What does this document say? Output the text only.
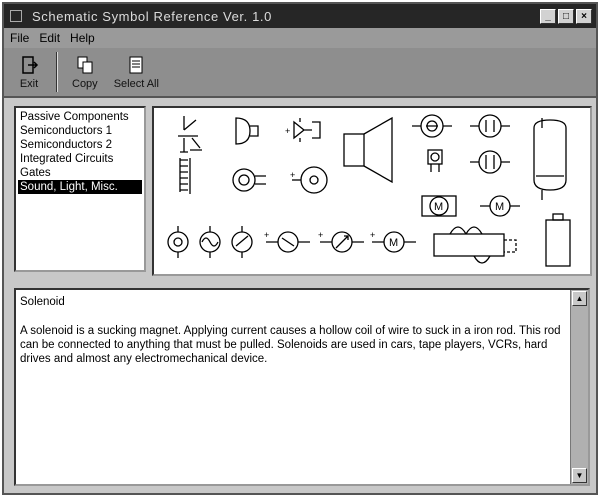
Schematic Symbol Reference Ver. 1.0	_	□	×
File Edit Help
Exit	Copy Select All
Passive Components
Semiconductors 1
Semiconductors 2
Integrated Circuits
Gates
Sound, Light, Misc.
+
+
M	M
+	+
M
+
Solenoid
A solenoid is a sucking magnet. Applying current causes a hollow coil of wire to suck in a iron rod. This rod can be connected to anything that must be pulled. Solenoids are used in cars, tape players, VCRs, hard drives and almost any electromechanical device.
▲
▼
